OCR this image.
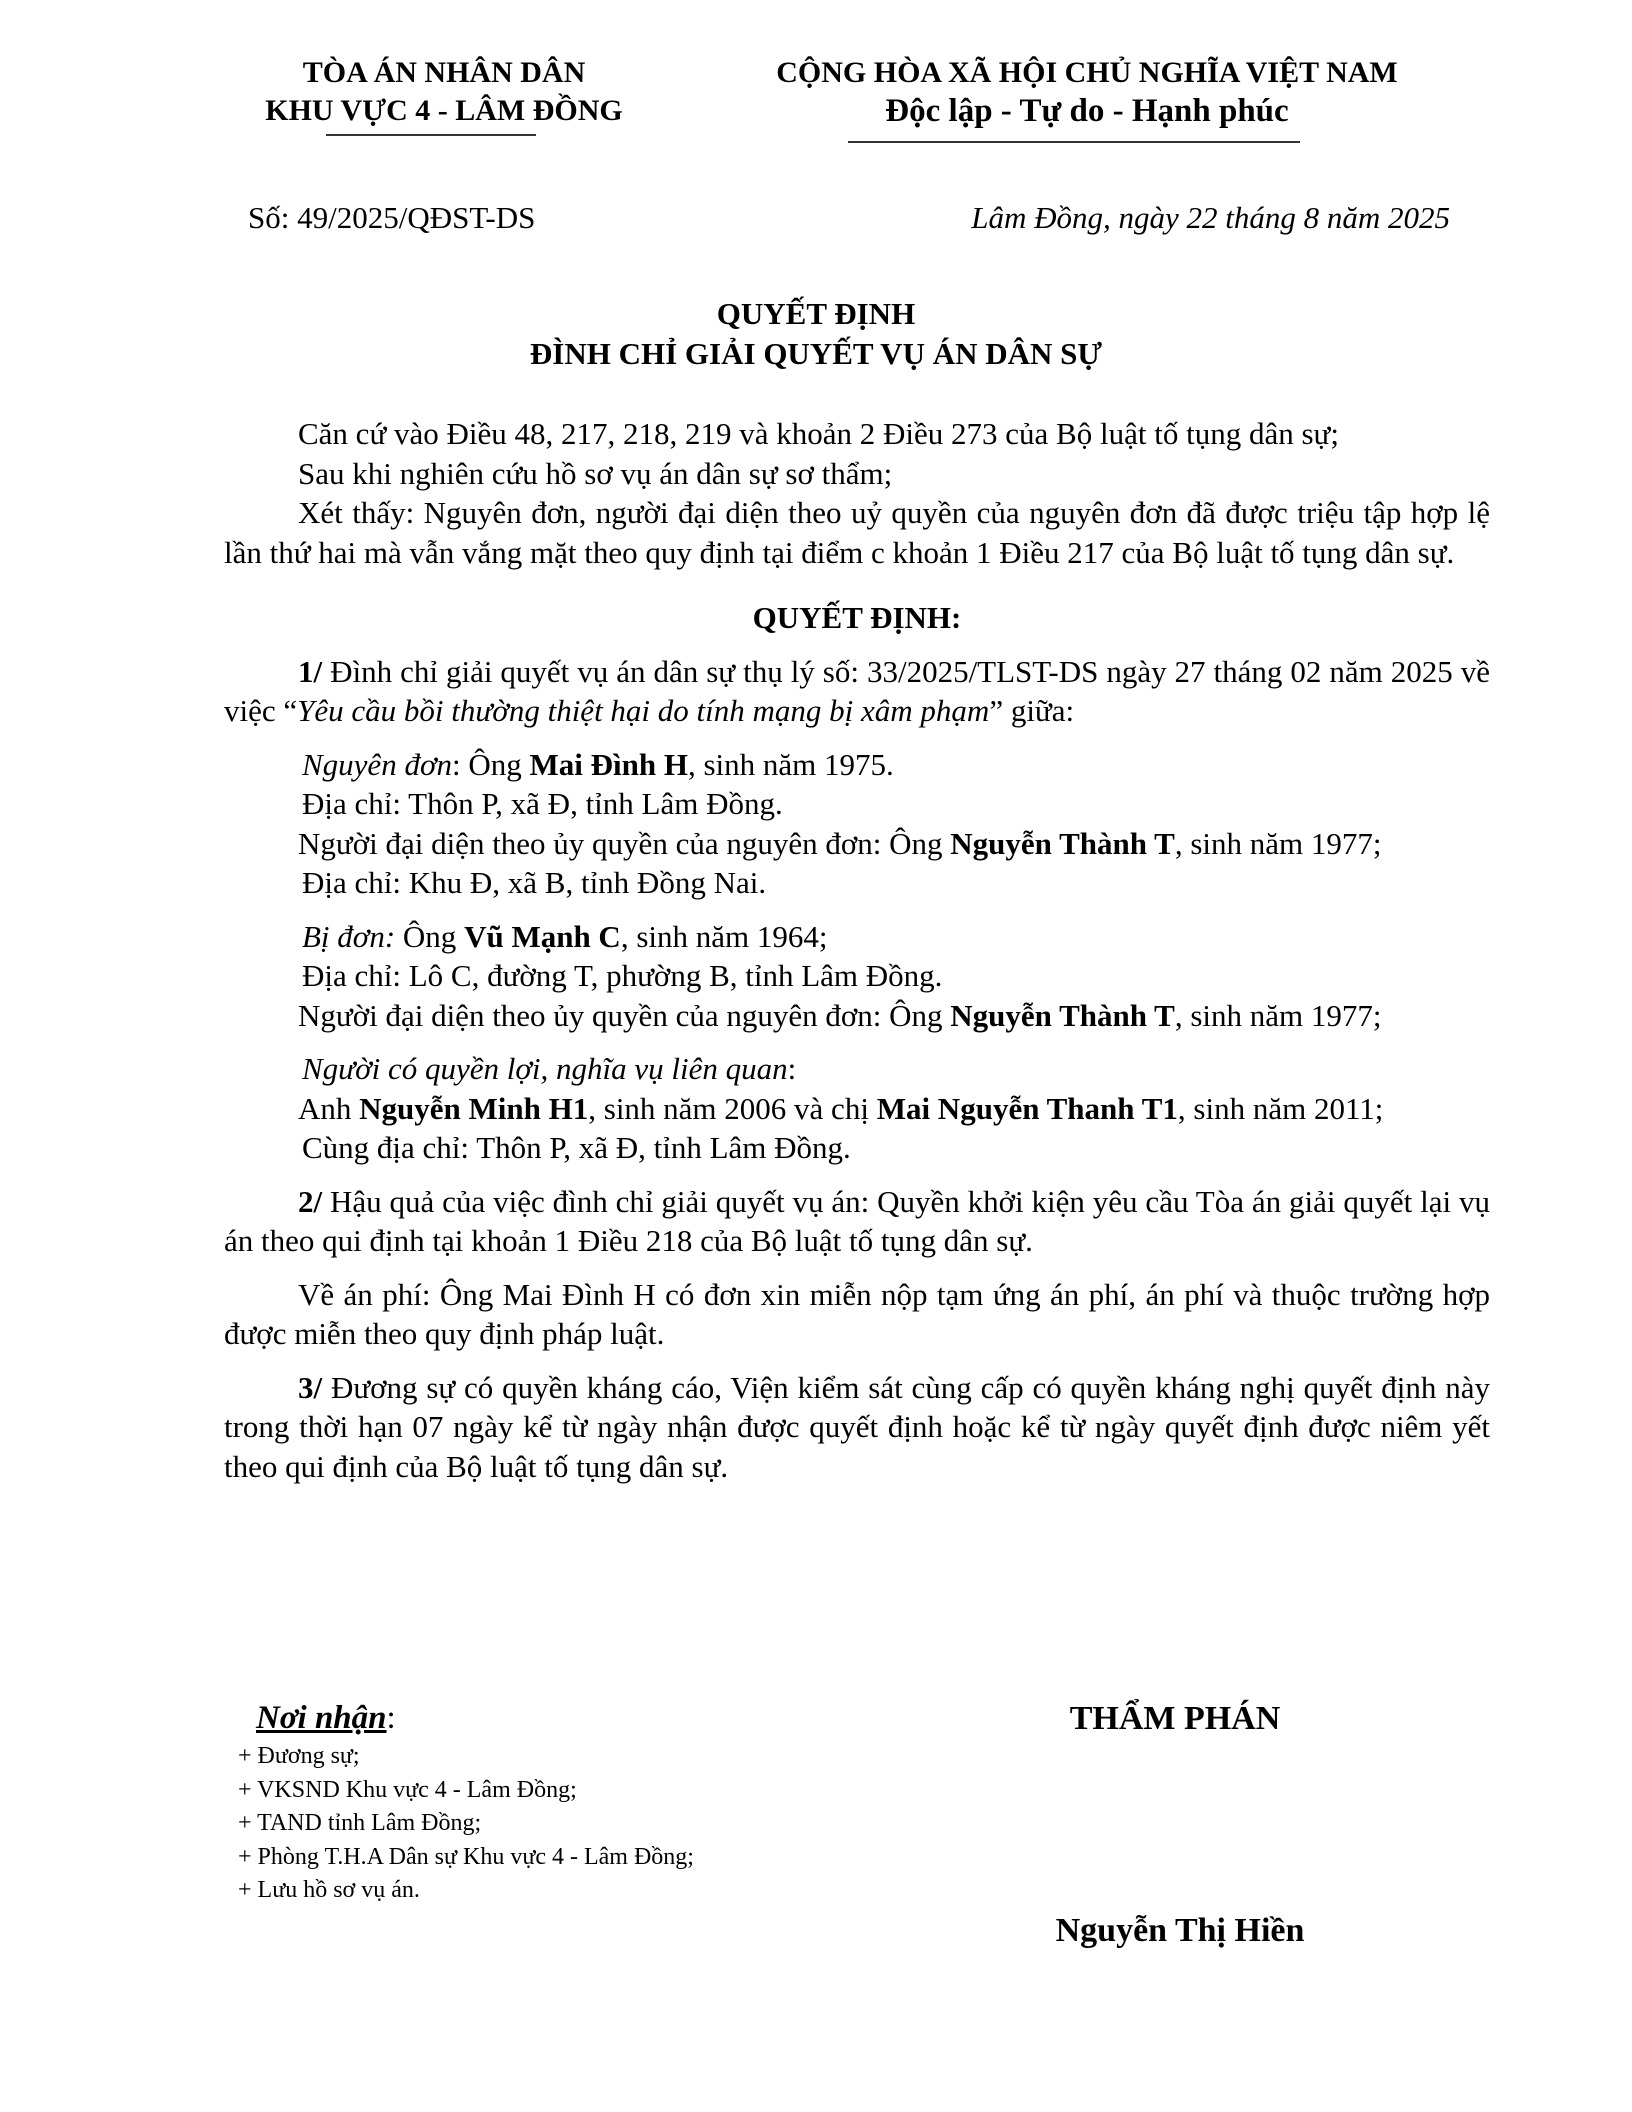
TÒA ÁN NHÂN DÂN
KHU VỰC 4 - LÂM ĐỒNG
CỘNG HÒA XÃ HỘI CHỦ NGHĨA VIỆT NAM
Độc lập - Tự do - Hạnh phúc
Số: 49/2025/QĐST-DS	Lâm Đồng, ngày 22 tháng 8 năm 2025
QUYẾT ĐỊNH
ĐÌNH CHỈ GIẢI QUYẾT VỤ ÁN DÂN SỰ

Căn cứ vào Điều 48, 217, 218, 219 và khoản 2 Điều 273 của Bộ luật tố tụng dân sự;

Sau khi nghiên cứu hồ sơ vụ án dân sự sơ thẩm;

Xét thấy: Nguyên đơn, người đại diện theo uỷ quyền của nguyên đơn đã được triệu tập hợp lệ lần thứ hai mà vẫn vắng mặt theo quy định tại điểm c khoản 1 Điều 217 của Bộ luật tố tụng dân sự.

QUYẾT ĐỊNH:

1/ Đình chỉ giải quyết vụ án dân sự thụ lý số: 33/2025/TLST-DS ngày 27 tháng 02 năm 2025 về việc “Yêu cầu bồi thường thiệt hại do tính mạng bị xâm phạm” giữa:

Nguyên đơn: Ông Mai Đình H, sinh năm 1975.

Địa chỉ: Thôn P, xã Đ, tỉnh Lâm Đồng.

Người đại diện theo ủy quyền của nguyên đơn: Ông Nguyễn Thành T, sinh năm 1977;

Địa chỉ: Khu Đ, xã B, tỉnh Đồng Nai.

Bị đơn: Ông Vũ Mạnh C, sinh năm 1964;

Địa chỉ: Lô C, đường T, phường B, tỉnh Lâm Đồng.

Người đại diện theo ủy quyền của nguyên đơn: Ông Nguyễn Thành T, sinh năm 1977;

Người có quyền lợi, nghĩa vụ liên quan:

Anh Nguyễn Minh H1, sinh năm 2006 và chị Mai Nguyễn Thanh T1, sinh năm 2011;

Cùng địa chỉ: Thôn P, xã Đ, tỉnh Lâm Đồng.

2/ Hậu quả của việc đình chỉ giải quyết vụ án: Quyền khởi kiện yêu cầu Tòa án giải quyết lại vụ án theo qui định tại khoản 1 Điều 218 của Bộ luật tố tụng dân sự.

Về án phí: Ông Mai Đình H có đơn xin miễn nộp tạm ứng án phí, án phí và thuộc trường hợp được miễn theo quy định pháp luật.

3/ Đương sự có quyền kháng cáo, Viện kiểm sát cùng cấp có quyền kháng nghị quyết định này trong thời hạn 07 ngày kể từ ngày nhận được quyết định hoặc kể từ ngày quyết định được niêm yết theo qui định của Bộ luật tố tụng dân sự.

Nơi nhận:
+ Đương sự;
+ VKSND Khu vực 4 - Lâm Đồng;
+ TAND tỉnh Lâm Đồng;
+ Phòng T.H.A Dân sự Khu vực 4 - Lâm Đồng;
+ Lưu hồ sơ vụ án.
THẨM PHÁN
Nguyễn Thị Hiền
